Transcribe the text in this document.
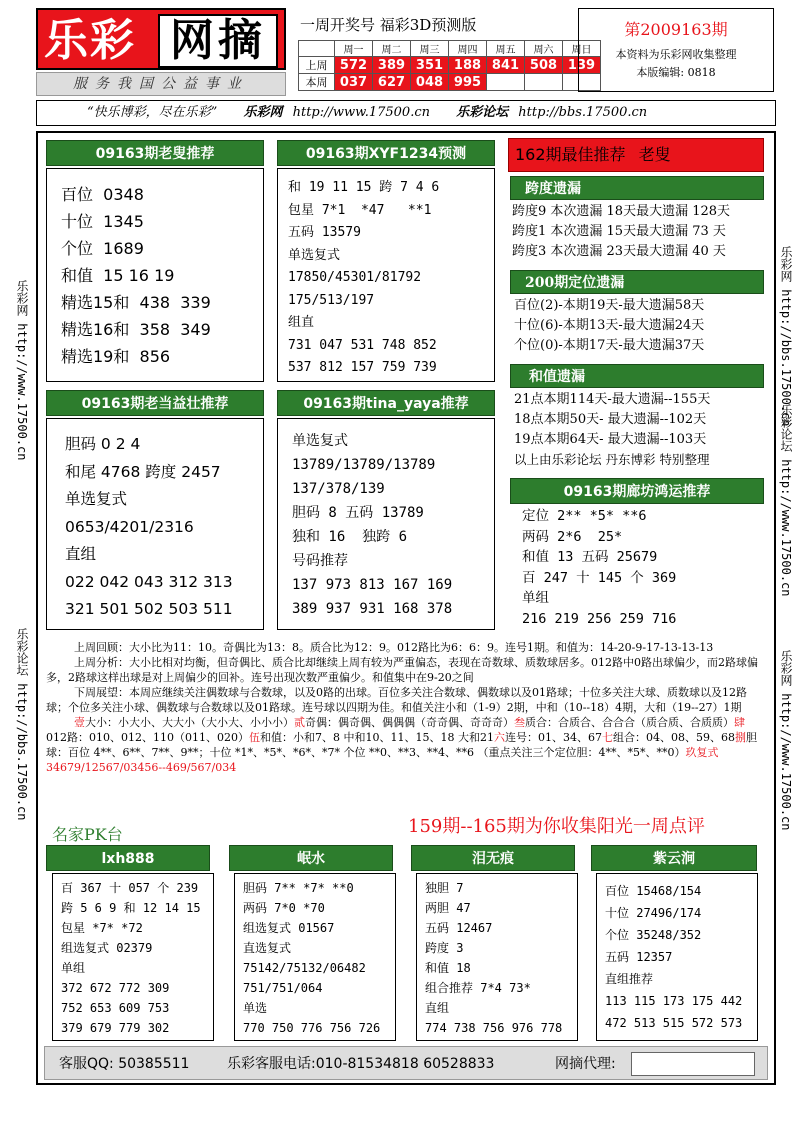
乐彩 网摘
服务我国公益事业
一周开奖号 福彩3D预测版
	周一	周二	周三	周四	周五	周六	周日
上周	572	389	351	188	841	508	139
本周	037	627	048	995			
第2009163期
本资料为乐彩网收集整理
本版编辑: 0818
“快乐博彩，尽在乐彩” 乐彩网 http://www.17500.cn 乐彩论坛 http://bbs.17500.cn
乐彩网 http://www.17500.cn
乐彩论坛 http://bbs.17500.cn
乐彩网 http://bbs.17500.cn
乐彩论坛 http://www.17500.cn
乐彩网 http://www.17500.cn
09163期老叟推荐
百位  0348
十位  1345
个位  1689
和值  15 16 19
精选15和  438  339
精选16和  358  349
精选19和  856
09163期XYF1234预测
和 19 11 15 跨 7 4 6
包星 7*1  *47   **1
五码 13579
单选复式
17850/45301/81792
175/513/197
组直
731 047 531 748 852
537 812 157 759 739
162期最佳推荐 老叟
跨度遗漏
跨度9 本次遗漏 18天最大遗漏 128天
跨度1 本次遗漏 15天最大遗漏 73 天
跨度3 本次遗漏 23天最大遗漏 40 天
200期定位遗漏
百位(2)-本期19天-最大遗漏58天
十位(6)-本期13天-最大遗漏24天
个位(0)-本期17天-最大遗漏37天
和值遗漏
21点本期114天-最大遗漏--155天
18点本期50天- 最大遗漏--102天
19点本期64天- 最大遗漏--103天
以上由乐彩论坛 丹东博彩 特别整理
09163期老当益壮推荐
胆码 0 2 4
和尾 4768 跨度 2457
单选复式
0653/4201/2316
直组
022 042 043 312 313
321 501 502 503 511
09163期tina_yaya推荐
单选复式
13789/13789/13789
137/378/139
胆码 8 五码 13789
独和 16  独跨 6
号码推荐
137 973 813 167 169
389 937 931 168 378
09163期廊坊鸿运推荐
定位 2** *5* **6
两码 2*6  25*
和值 13 五码 25679
百 247 十 145 个 369
单组
216 219 256 259 716

上周回顾：大小比为11：10。奇偶比为13：8。质合比为12：9。012路比为6：6：9。连号1期。和值为：14-20-9-17-13-13-13

上周分析：大小比相对均衡，但奇偶比、质合比却继续上周有较为严重偏态，表现在奇数球、质数球居多。012路中0路出球偏少，而2路球偏多，2路球这样出球是对上周偏少的回补。连号出现次数严重偏少。和值集中在9-20之间

下周展望：本周应继续关注偶数球与合数球，以及0路的出球。百位多关注合数球、偶数球以及01路球；十位多关注大球、质数球以及12路球；个位多关注小球、偶数球与合数球以及01路球。连号球以四期为佳。和值关注小和（1-9）2期，中和（10--18）4期，大和（19--27）1期

壹大小：小大小、大大小（大小大、小小小）贰奇偶：偶奇偶、偶偶偶（奇奇偶、奇奇奇）叁质合：合质合、合合合（质合质、合质质）肆012路：010、012、110（011、020）伍和值：小和7、8 中和10、11、15、18 大和21六连号：01、34、67七组合：04、08、59、68捌胆球：百位 4**、6**、7**、9**；十位 *1*、*5*、*6*、*7* 个位 **0、**3、**4、**6 （重点关注三个定位胆：4**、*5*、**0）玖复式 34679/12567/03456--469/567/034

名家PK台	159期--165期为你收集阳光一周点评
lxh888
百 367 十 057 个 239
跨 5 6 9 和 12 14 15
包星 *7* *72
组选复式 02379
单组
372 672 772 309
752 653 609 753
379 679 779 302
岷水
胆码 7** *7* **0
两码 7*0 *70
组选复式 01567
直选复式
75142/75132/06482
751/751/064
单选
770 750 776 756 726
泪无痕
独胆 7
两胆 47
五码 12467
跨度 3
和值 18
组合推荐 7*4 73*
直组
774 738 756 976 778
紫云涧
百位 15468/154
十位 27496/174
个位 35248/352
五码 12357
直组推荐
113 115 173 175 442
472 513 515 572 573
客服QQ: 50385511	乐彩客服电话:010-81534818 60528833	网摘代理:
